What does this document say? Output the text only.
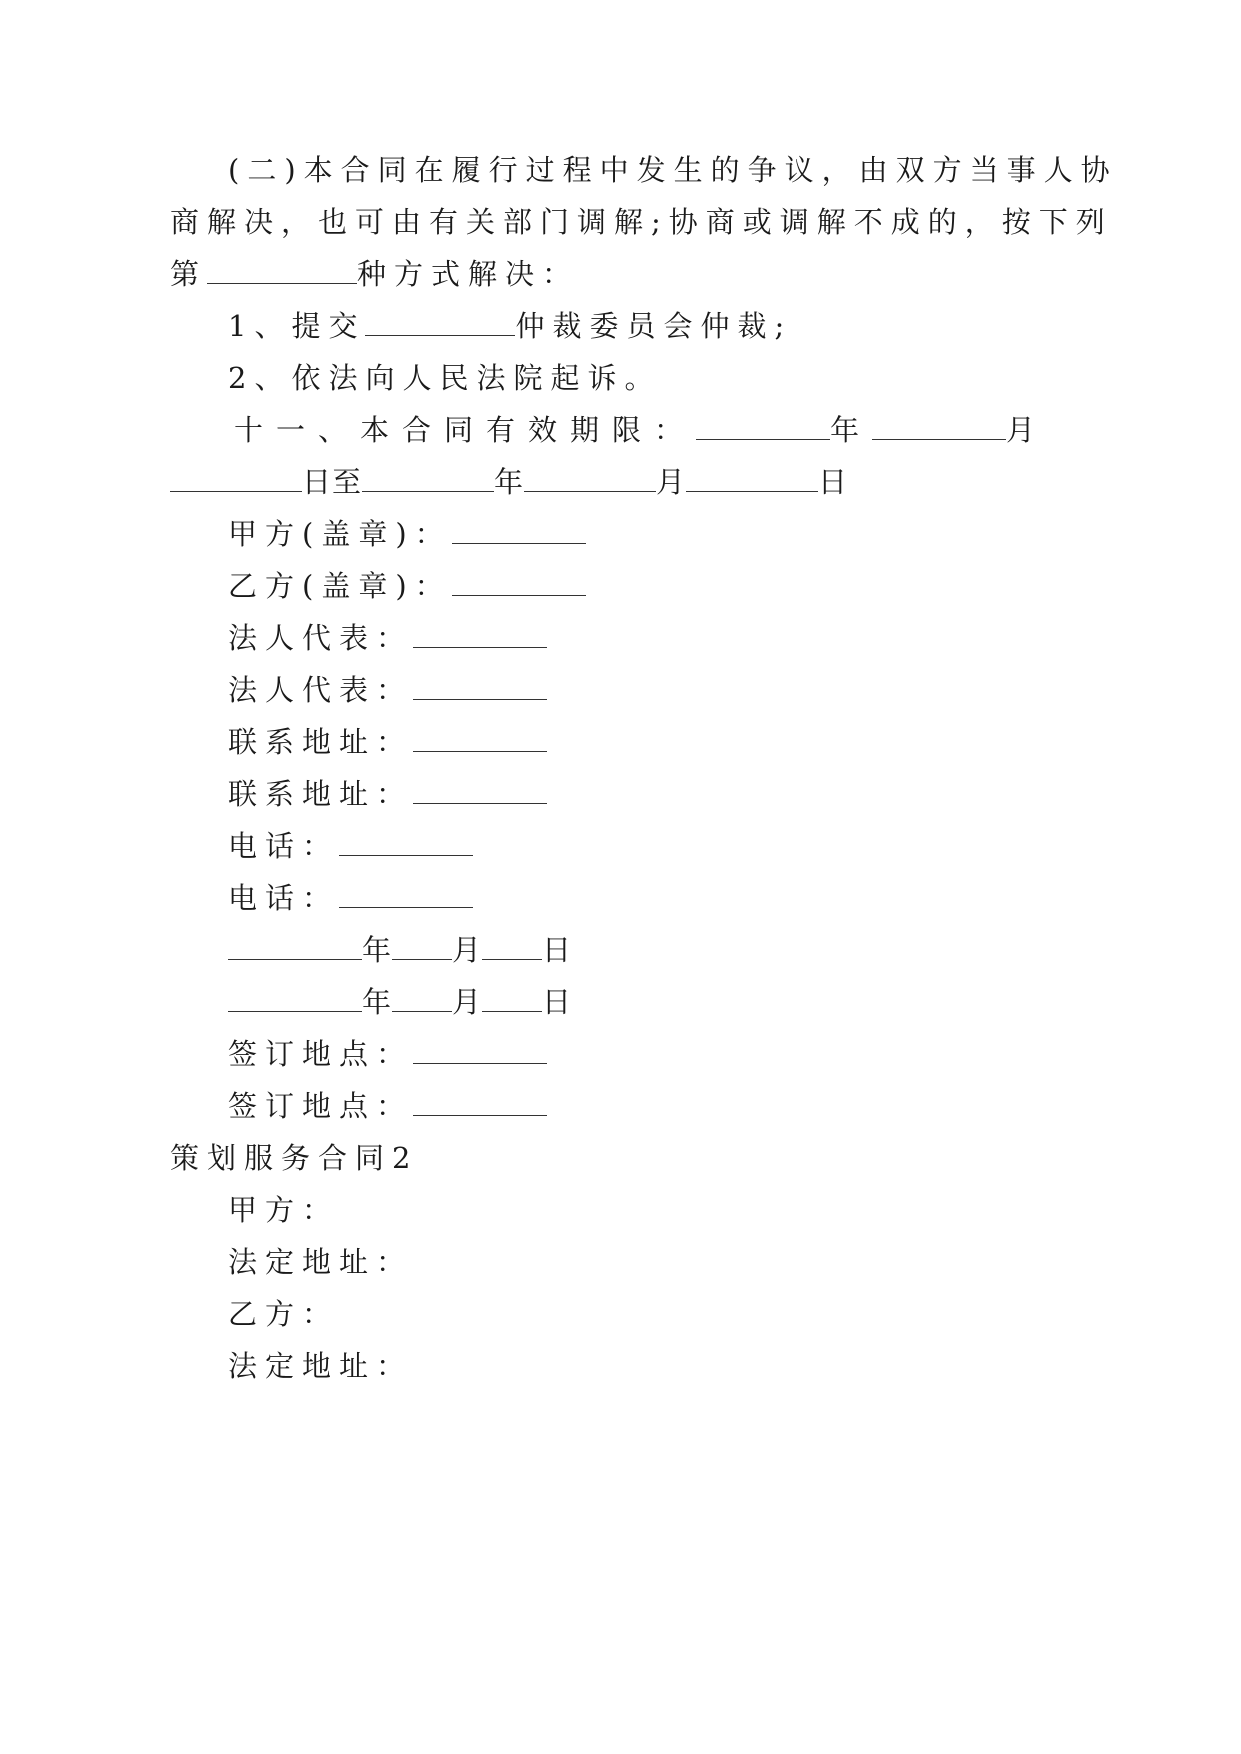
(二)本合同在履行过程中发生的争议，由双方当事人协
商解决，也可由有关部门调解;协商或调解不成的，按下列
第	种方式解决：
1、提交	仲裁委员会仲裁;
2、依法向人民法院起诉。
十一、本合同有效期限：	年	月
日至	年	月	日
甲方(盖章)：
乙方(盖章)：
法人代表：
法人代表：
联系地址：
联系地址：
电话：
电话：
年 月 日
年 月 日
签订地点：
签订地点：
策划服务合同2
甲方：
法定地址：
乙方：
法定地址：
